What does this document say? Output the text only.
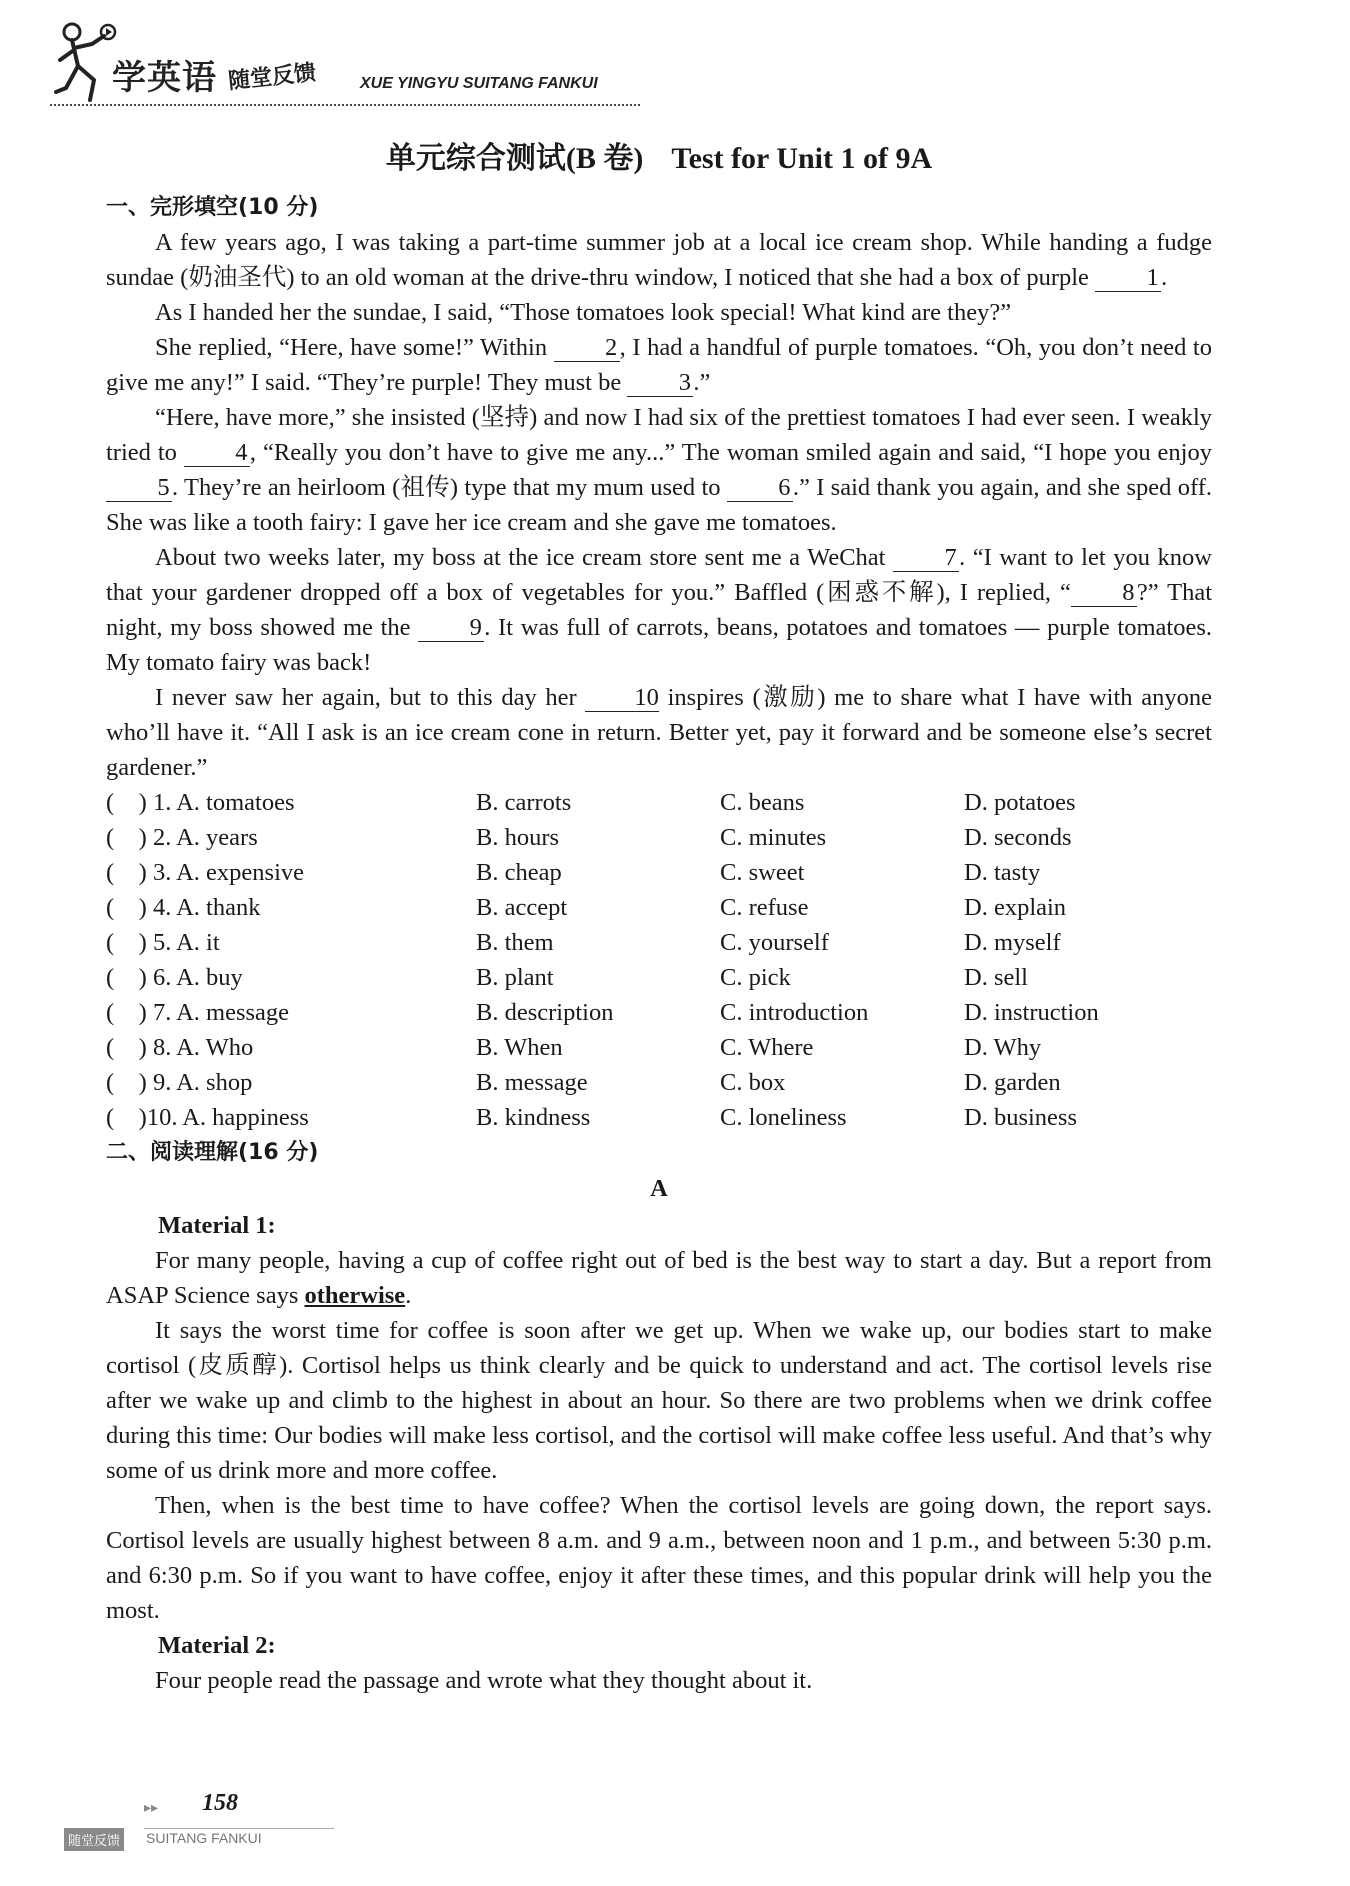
学英语 随堂反馈	XUE YINGYU SUITANG FANKUI
单元综合测试(B 卷) Test for Unit 1 of 9A
一、完形填空(10 分)

A few years ago, I was taking a part-time summer job at a local ice cream shop. While handing a fudge sundae (奶油圣代) to an old woman at the drive-thru window, I noticed that she had a box of purple 1.

As I handed her the sundae, I said, “Those tomatoes look special! What kind are they?”

She replied, “Here, have some!” Within 2, I had a handful of purple tomatoes. “Oh, you don’t need to give me any!” I said. “They’re purple! They must be 3.”

“Here, have more,” she insisted (坚持) and now I had six of the prettiest tomatoes I had ever seen. I weakly tried to 4, “Really you don’t have to give me any...” The woman smiled again and said, “I hope you enjoy 5. They’re an heirloom (祖传) type that my mum used to 6.” I said thank you again, and she sped off. She was like a tooth fairy: I gave her ice cream and she gave me tomatoes.

About two weeks later, my boss at the ice cream store sent me a WeChat 7. “I want to let you know that your gardener dropped off a box of vegetables for you.” Baffled (困惑不解), I replied, “ 8?” That night, my boss showed me the 9. It was full of carrots, beans, potatoes and tomatoes — purple tomatoes. My tomato fairy was back!

I never saw her again, but to this day her 10 inspires (激励) me to share what I have with anyone who’ll have it. “All I ask is an ice cream cone in return. Better yet, pay it forward and be someone else’s secret gardener.”

(    ) 1. A. tomatoes	B. carrots	C. beans	D. potatoes
(    ) 2. A. years	B. hours	C. minutes	D. seconds
(    ) 3. A. expensive	B. cheap	C. sweet	D. tasty
(    ) 4. A. thank	B. accept	C. refuse	D. explain
(    ) 5. A. it	B. them	C. yourself	D. myself
(    ) 6. A. buy	B. plant	C. pick	D. sell
(    ) 7. A. message	B. description	C. introduction	D. instruction
(    ) 8. A. Who	B. When	C. Where	D. Why
(    ) 9. A. shop	B. message	C. box	D. garden
(    )10. A. happiness	B. kindness	C. loneliness	D. business
二、阅读理解(16 分)
A
Material 1:

For many people, having a cup of coffee right out of bed is the best way to start a day. But a report from ASAP Science says otherwise.

It says the worst time for coffee is soon after we get up. When we wake up, our bodies start to make cortisol (皮质醇). Cortisol helps us think clearly and be quick to understand and act. The cortisol levels rise after we wake up and climb to the highest in about an hour. So there are two problems when we drink coffee during this time: Our bodies will make less cortisol, and the cortisol will make coffee less useful. And that’s why some of us drink more and more coffee.

Then, when is the best time to have coffee? When the cortisol levels are going down, the report says. Cortisol levels are usually highest between 8 a.m. and 9 a.m., between noon and 1 p.m., and between 5:30 p.m. and 6:30 p.m. So if you want to have coffee, enjoy it after these times, and this popular drink will help you the most.

Material 2:

Four people read the passage and wrote what they thought about it.

▸▸ 158
随堂反馈 SUITANG FANKUI
